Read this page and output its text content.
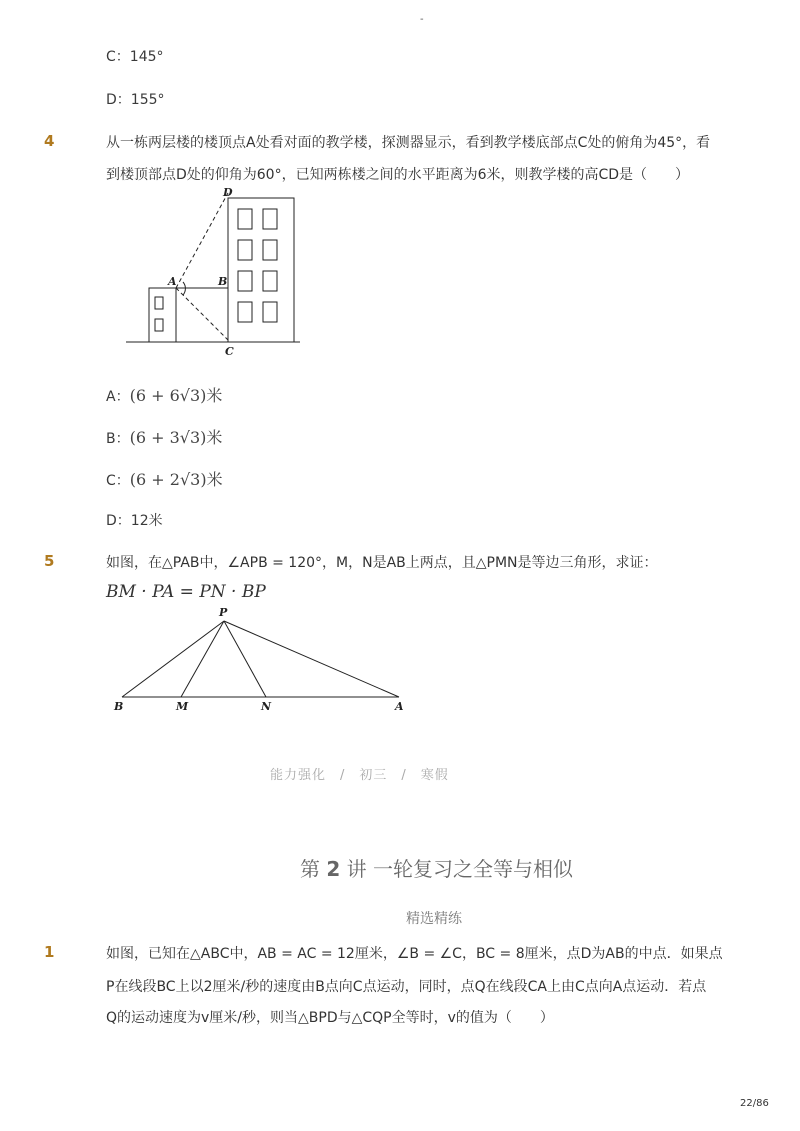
-
C：145°
D：155°
4	从一栋两层楼的楼顶点A处看对面的教学楼，探测器显示，看到教学楼底部点C处的俯角为45°，看
到楼顶部点D处的仰角为60°，已知两栋楼之间的水平距离为6米，则教学楼的高CD是（　　）
D
A	B
C
A：(6 + 6√3)米
B：(6 + 3√3)米
C：(6 + 2√3)米
D：12米
5	如图，在△PAB中，∠APB = 120°，M，N是AB上两点，且△PMN是等边三角形，求证：
BM · PA = PN · BP
P
B	M	N	A
能力强化　/　初三　/　寒假
第 2 讲 一轮复习之全等与相似
精选精练
1	如图，已知在△ABC中，AB = AC = 12厘米，∠B = ∠C，BC = 8厘米，点D为AB的中点．如果点
P在线段BC上以2厘米/秒的速度由B点向C点运动，同时，点Q在线段CA上由C点向A点运动．若点
Q的运动速度为v厘米/秒，则当△BPD与△CQP全等时，v的值为（　　）
22/86
